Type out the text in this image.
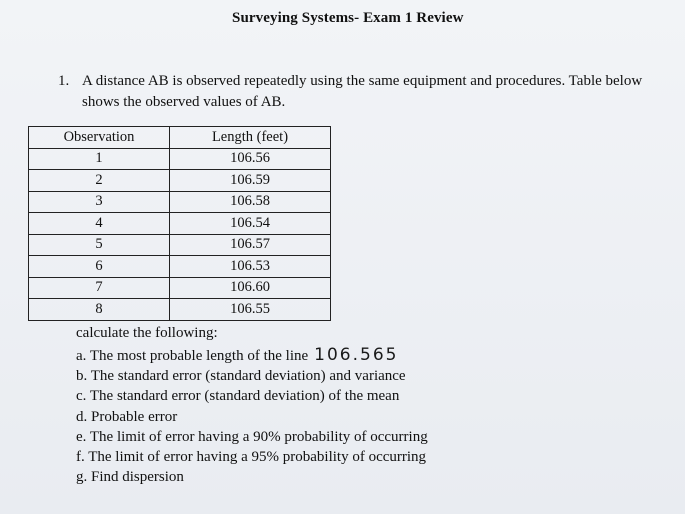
Surveying Systems- Exam 1 Review
1. A distance AB is observed repeatedly using the same equipment and procedures. Table below shows the observed values of AB.
Observation	Length (feet)
1	106.56
2	106.59
3	106.58
4	106.54
5	106.57
6	106.53
7	106.60
8	106.55
calculate the following:
a. The most probable length of the line 106.565
b. The standard error (standard deviation) and variance
c. The standard error (standard deviation) of the mean
d. Probable error
e. The limit of error having a 90% probability of occurring
f. The limit of error having a 95% probability of occurring
g. Find dispersion
